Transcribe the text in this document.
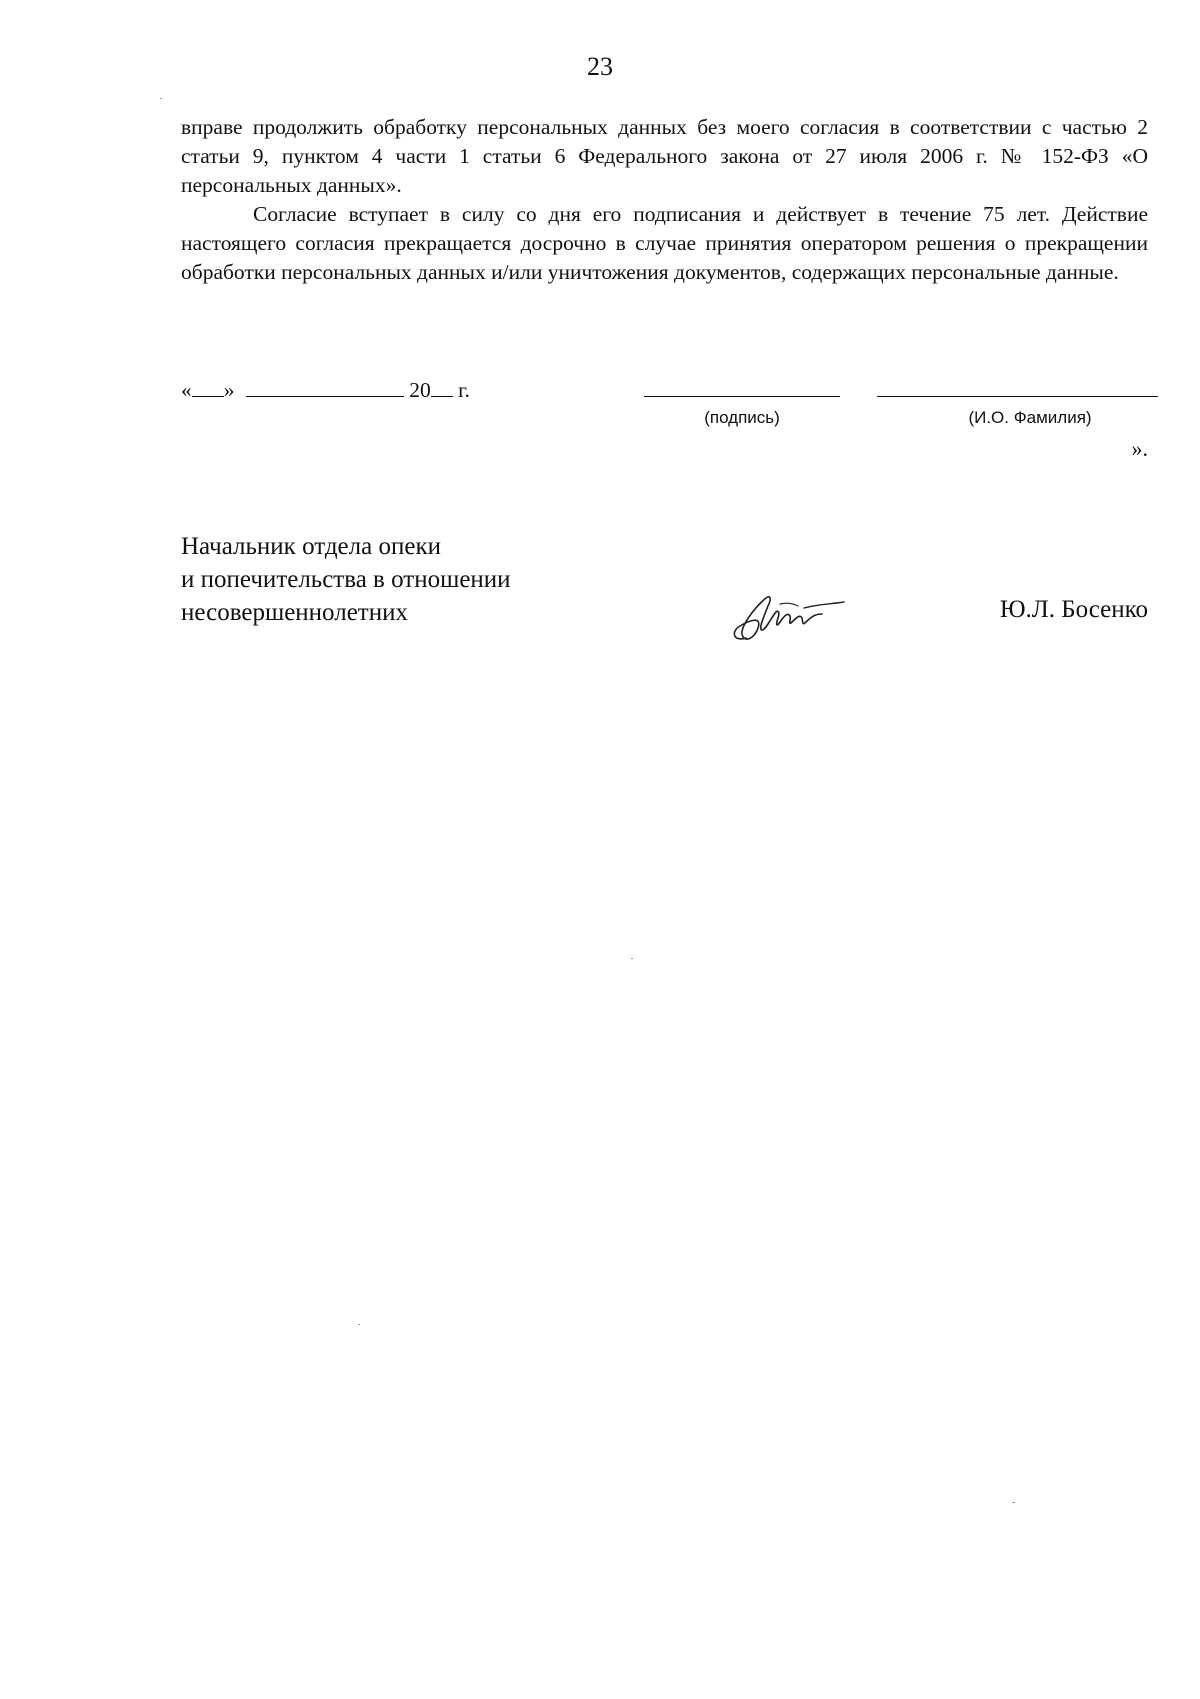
23

вправе продолжить обработку персональных данных без моего согласия в соответствии с частью 2 статьи 9, пунктом 4 части 1 статьи 6 Федерального закона от 27 июля 2006 г. № 152-ФЗ «О персональных данных».

Согласие вступает в силу со дня его подписания и действует в течение 75 лет. Действие настоящего согласия прекращается досрочно в случае принятия оператором решения о прекращении обработки персональных данных и/или уничтожения документов, содержащих персональные данные.

« »	20 г.
(подпись)	(И.О. Фамилия)
».
Начальник отдела опеки
и попечительства в отношении
несовершеннолетних	Ю.Л. Босенко
